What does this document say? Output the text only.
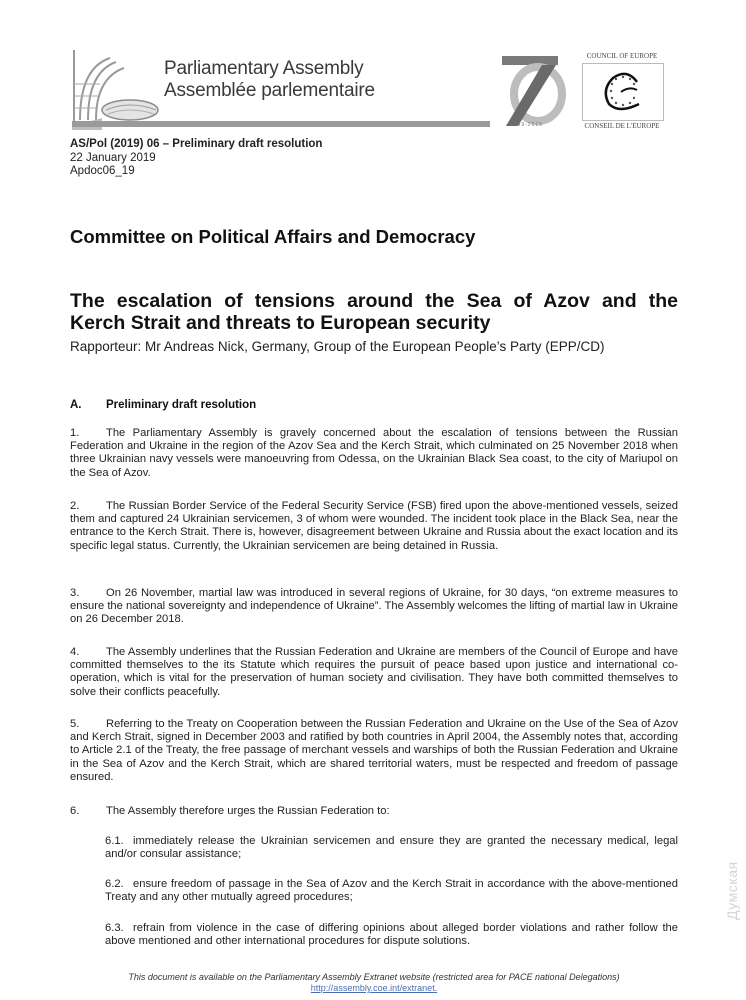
Parliamentary Assembly
Assemblée parlementaire
1949-2019
COUNCIL OF EUROPE
CONSEIL DE L'EUROPE
AS/Pol (2019) 06 – Preliminary draft resolution
22 January 2019
Apdoc06_19
Committee on Political Affairs and Democracy
The escalation of tensions around the Sea of Azov and the
Kerch Strait and threats to European security
Rapporteur: Mr Andreas Nick, Germany, Group of the European People’s Party (EPP/CD)
A. Preliminary draft resolution
1. The Parliamentary Assembly is gravely concerned about the escalation of tensions between the Russian Federation and Ukraine in the region of the Azov Sea and the Kerch Strait, which culminated on 25 November 2018 when three Ukrainian navy vessels were manoeuvring from Odessa, on the Ukrainian Black Sea coast, to the city of Mariupol on the Sea of Azov.
2. The Russian Border Service of the Federal Security Service (FSB) fired upon the above-mentioned vessels, seized them and captured 24 Ukrainian servicemen, 3 of whom were wounded. The incident took place in the Black Sea, near the entrance to the Kerch Strait. There is, however, disagreement between Ukraine and Russia about the exact location and its specific legal status. Currently, the Ukrainian servicemen are being detained in Russia.
3. On 26 November, martial law was introduced in several regions of Ukraine, for 30 days, “on extreme measures to ensure the national sovereignty and independence of Ukraine”. The Assembly welcomes the lifting of martial law in Ukraine on 26 December 2018.
4. The Assembly underlines that the Russian Federation and Ukraine are members of the Council of Europe and have committed themselves to the its Statute which requires the pursuit of peace based upon justice and international co-operation, which is vital for the preservation of human society and civilisation. They have both committed themselves to solve their conflicts peacefully.
5. Referring to the Treaty on Cooperation between the Russian Federation and Ukraine on the Use of the Sea of Azov and Kerch Strait, signed in December 2003 and ratified by both countries in April 2004, the Assembly notes that, according to Article 2.1 of the Treaty, the free passage of merchant vessels and warships of both the Russian Federation and Ukraine in the Sea of Azov and the Kerch Strait, which are shared territorial waters, must be respected and freedom of passage ensured.
6. The Assembly therefore urges the Russian Federation to:
6.1. immediately release the Ukrainian servicemen and ensure they are granted the necessary medical, legal and/or consular assistance;
6.2. ensure freedom of passage in the Sea of Azov and the Kerch Strait in accordance with the above-mentioned Treaty and any other mutually agreed procedures;
6.3. refrain from violence in the case of differing opinions about alleged border violations and rather follow the above mentioned and other international procedures for dispute solutions.
This document is available on the Parliamentary Assembly Extranet website (restricted area for PACE national Delegations)
http://assembly.coe.int/extranet.
Думская
